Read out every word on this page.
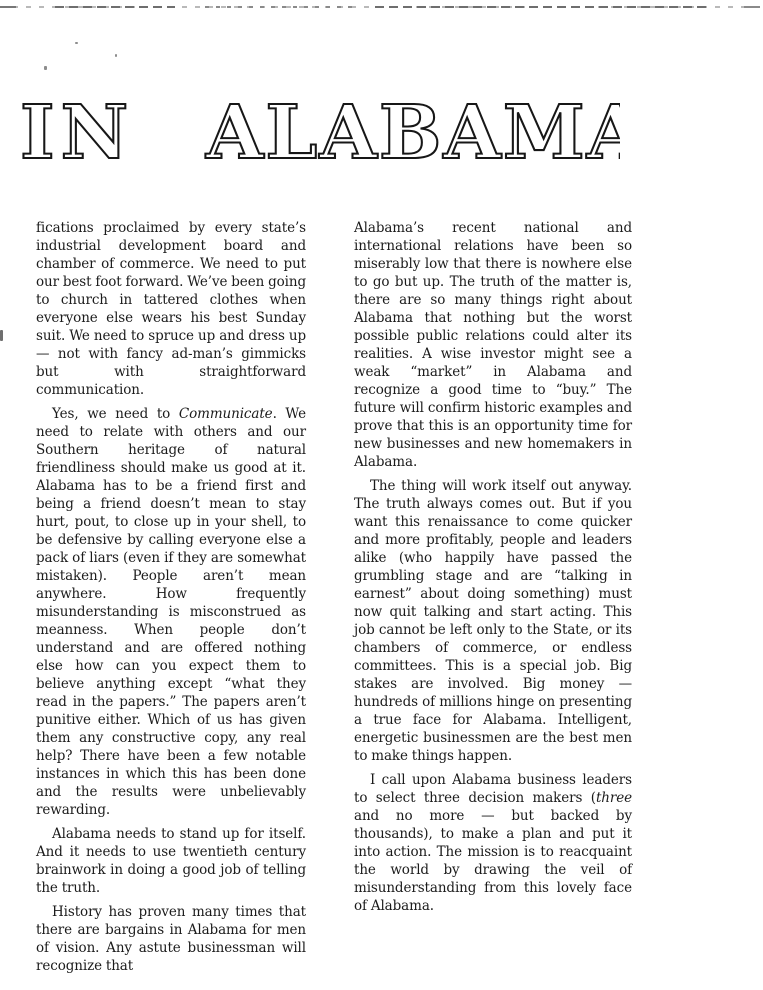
IN ALABAMA

fications proclaimed by every state’s industrial development board and chamber of commerce. We need to put our best foot forward. We’ve been going to church in tattered clothes when everyone else wears his best Sunday suit. We need to spruce up and dress up — not with fancy ad-man’s gimmicks but with straightforward communication.

Yes, we need to Communicate. We need to relate with others and our Southern heritage of natural friendliness should make us good at it. Alabama has to be a friend first and being a friend doesn’t mean to stay hurt, pout, to close up in your shell, to be defensive by calling everyone else a pack of liars (even if they are somewhat mistaken). People aren’t mean anywhere. How frequently misunderstanding is misconstrued as meanness. When people don’t understand and are offered nothing else how can you expect them to believe anything except “what they read in the papers.” The papers aren’t punitive either. Which of us has given them any constructive copy, any real help? There have been a few notable instances in which this has been done and the results were unbelievably rewarding.

Alabama needs to stand up for itself. And it needs to use twentieth century brainwork in doing a good job of telling the truth.

History has proven many times that there are bargains in Alabama for men of vision. Any astute businessman will recognize that

Alabama’s recent national and international relations have been so miserably low that there is nowhere else to go but up. The truth of the matter is, there are so many things right about Alabama that nothing but the worst possible public relations could alter its realities. A wise investor might see a weak “market” in Alabama and recognize a good time to “buy.” The future will confirm historic examples and prove that this is an opportunity time for new businesses and new homemakers in Alabama.

The thing will work itself out anyway. The truth always comes out. But if you want this renaissance to come quicker and more profitably, people and leaders alike (who happily have passed the grumbling stage and are “talking in earnest” about doing something) must now quit talking and start acting. This job cannot be left only to the State, or its chambers of commerce, or endless committees. This is a special job. Big stakes are involved. Big money — hundreds of millions hinge on presenting a true face for Alabama. Intelligent, energetic businessmen are the best men to make things happen.

I call upon Alabama business leaders to select three decision makers (three and no more — but backed by thousands), to make a plan and put it into action. The mission is to reacquaint the world by drawing the veil of misunderstanding from this lovely face of Alabama.
